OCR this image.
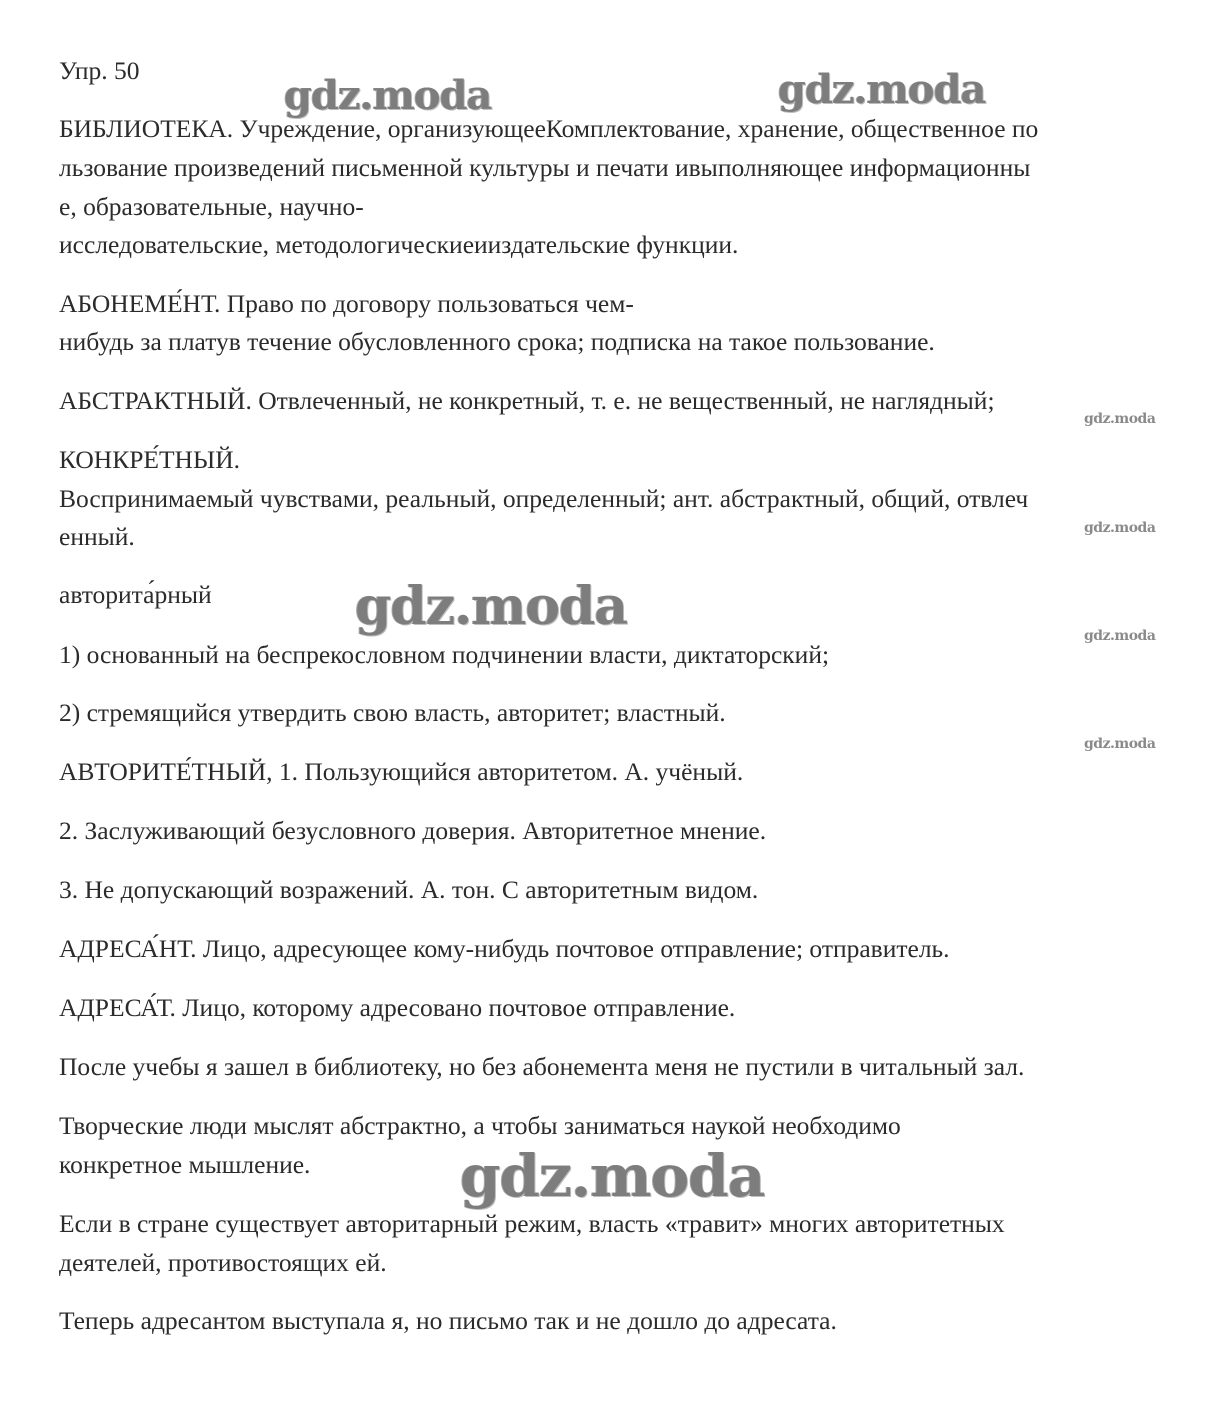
Упр. 50

БИБЛИОТЕКА. Учреждение, организующееКомплектование, хранение, общественное по

льзование произведений письменной культуры и печати ивыполняющее информационны

е, образовательные, научно-

исследовательские, методологическиеииздательские функции.

АБОНЕМЕ́НТ. Право по договору пользоваться чем-

нибудь за платув течение обусловленного срока; подписка на такое пользование.

АБСТРАКТНЫЙ. Отвлеченный, не конкретный, т. е. не вещественный, не наглядный;

КОНКРЕ́ТНЫЙ.

Воспринимаемый чувствами, реальный, определенный; ант. абстрактный, общий, отвлеч

енный.

авторита́рный

1) основанный на беспрекословном подчинении власти, диктаторский;

2) стремящийся утвердить свою власть, авторитет; властный.

АВТОРИТЕ́ТНЫЙ, 1. Пользующийся авторитетом. А. учёный.

2. Заслуживающий безусловного доверия. Авторитетное мнение.

3. Не допускающий возражений. А. тон. С авторитетным видом.

АДРЕСА́НТ. Лицо, адресующее кому-нибудь почтовое отправление; отправитель.

АДРЕСА́Т. Лицо, которому адресовано почтовое отправление.

После учебы я зашел в библиотеку, но без абонемента меня не пустили в читальный зал.

Творческие люди мыслят абстрактно, а чтобы заниматься наукой необходимо

конкретное мышление.

Если в стране существует авторитарный режим, власть «травит» многих авторитетных

деятелей, противостоящих ей.

Теперь адресантом выступала я, но письмо так и не дошло до адресата.

gdz.moda	gdz.moda

gdz.moda

gdz.moda

gdz.moda

gdz.moda

gdz.moda

gdz.moda
